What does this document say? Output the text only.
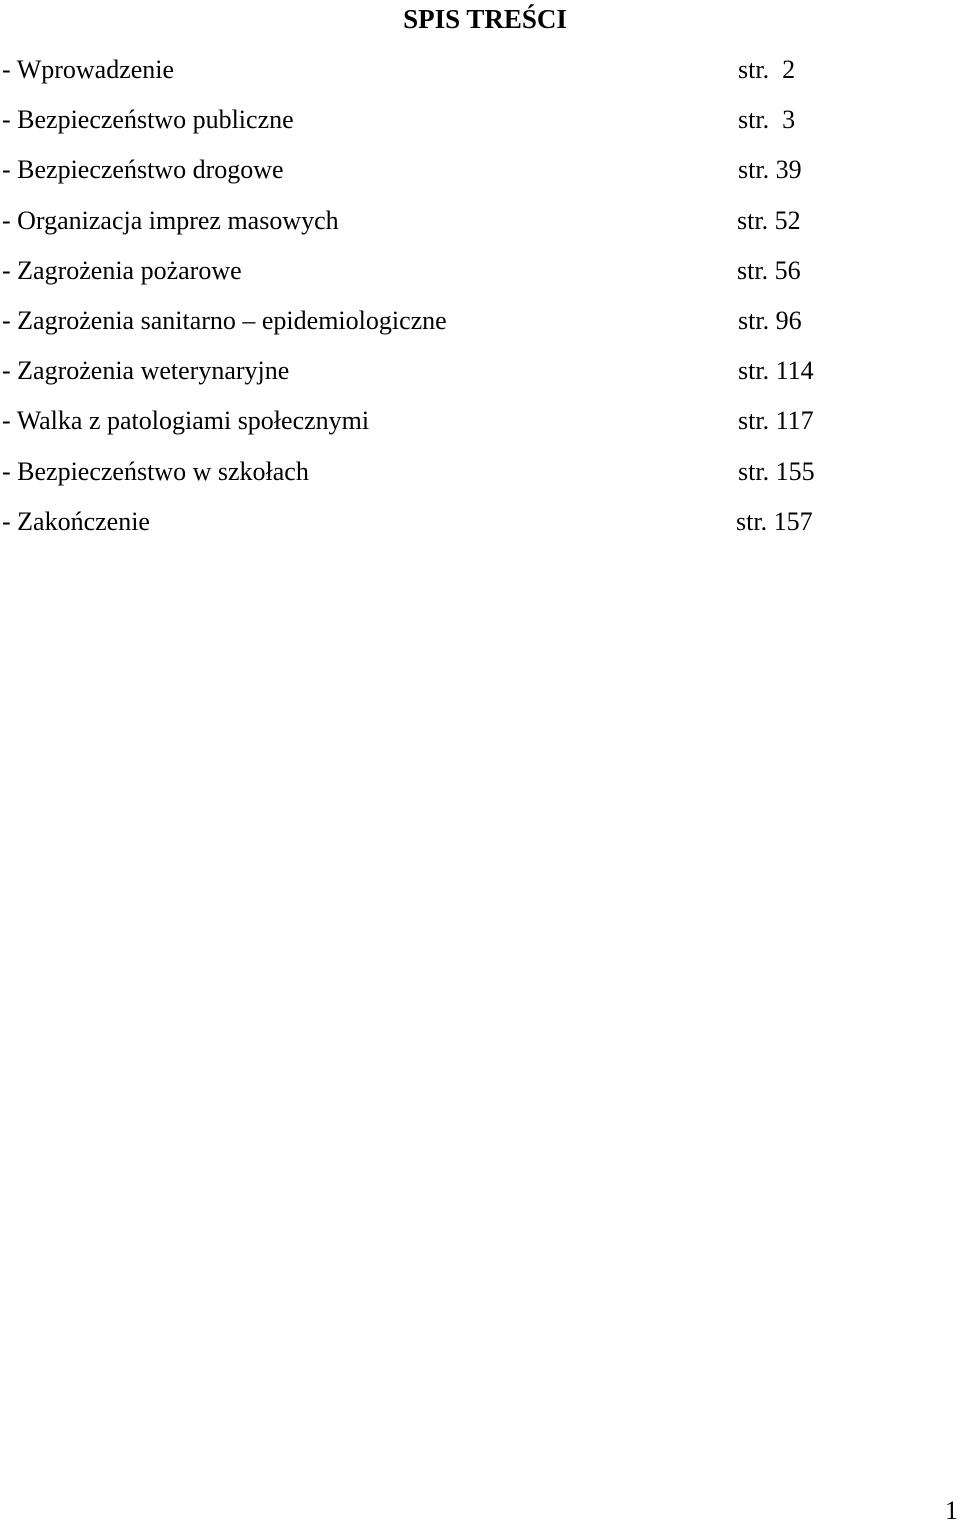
SPIS TREŚCI
- Wprowadzenie	str.  2
- Bezpieczeństwo publiczne	str.  3
- Bezpieczeństwo drogowe	str. 39
- Organizacja imprez masowych	str. 52
- Zagrożenia pożarowe	str. 56
- Zagrożenia sanitarno – epidemiologiczne	str. 96
- Zagrożenia weterynaryjne	str. 114
- Walka z patologiami społecznymi	str. 117
- Bezpieczeństwo w szkołach	str. 155
- Zakończenie	str. 157
1
